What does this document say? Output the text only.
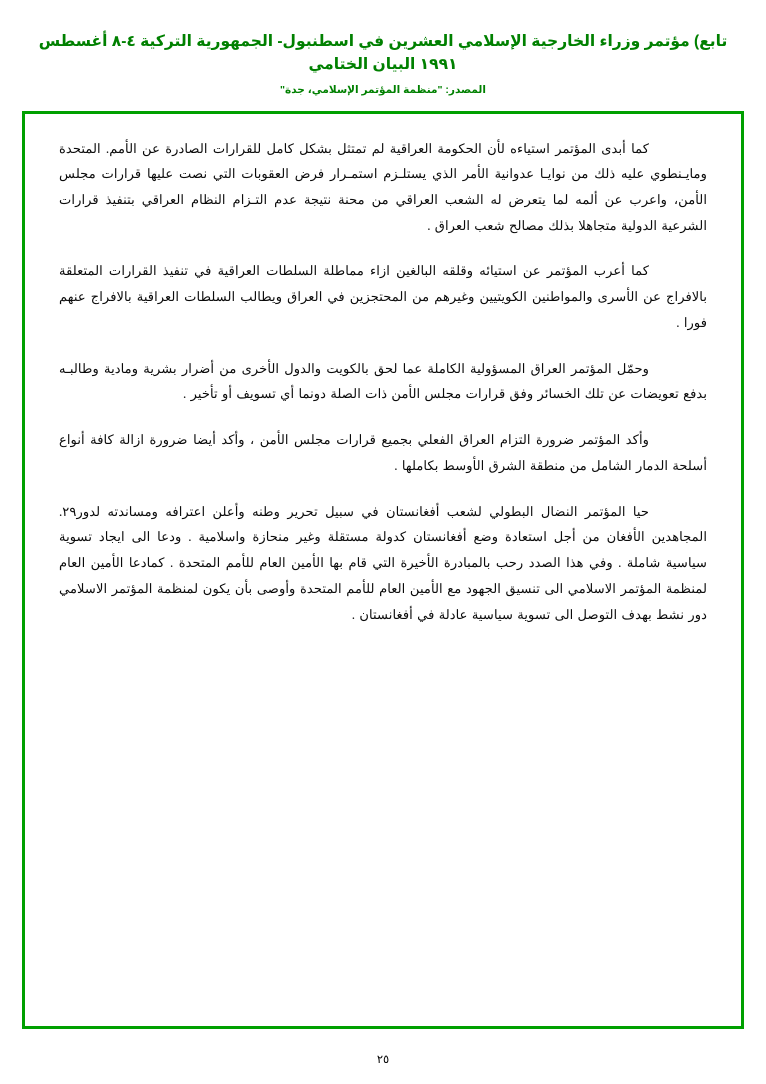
تابع) مؤتمر وزراء الخارجية الإسلامي العشرين في اسطنبول- الجمهورية التركية ٤-٨ أغسطس ١٩٩١ البيان الختامي
المصدر: "منظمة المؤتمر الإسلامي، جدة"

كما أبدى المؤتمر استياءه لأن الحكومة العراقية لم تمتثل بشكل كامل للقرارات الصادرة عن الأمم. المتحدة ومايـنطوي عليه ذلك من نوايـا عدوانية الأمر الذي يستلـزم استمـرار فرض العقوبات التي نصت عليها قرارات مجلس الأمن، واعرب عن ألمه لما يتعرض له الشعب العراقي من محنة نتيجة عدم التـزام النظام العراقي بتنفيذ قرارات الشرعية الدولية متجاهلا بذلك مصالح شعب العراق .

كما أعرب المؤتمر عن استيائه وقلقه البالغين ازاء مماطلة السلطات العراقية في تنفيذ القرارات المتعلقة بالافراج عن الأسرى والمواطنين الكويتيين وغيرهم من المحتجزين في العراق ويطالب السلطات العراقية بالافراج عنهم فورا .

وحمّل المؤتمر العراق المسؤولية الكاملة عما لحق بالكويت والدول الأخرى من أضرار بشرية ومادية وطالبـه بدفع تعويضات عن تلك الخسائر وفق قرارات مجلس الأمن ذات الصلة دونما أي تسويف أو تأخير .

وأكد المؤتمر ضرورة التزام العراق الفعلي بجميع قرارات مجلس الأمن ، وأكد أيضا ضرورة ازالة كافة أنواع أسلحة الدمار الشامل من منطقة الشرق الأوسط بكاملها .

٢٩. حيا المؤتمر النضال البطولي لشعب أفغانستان في سبيل تحرير وطنه وأعلن اعترافه ومساندته لدور المجاهدين الأفغان من أجل استعادة وضع أفغانستان كدولة مستقلة وغير منحازة واسلامية . ودعا الى ايجاد تسوية سياسية شاملة . وفي هذا الصدد رحب بالمبادرة الأخيرة التي قام بها الأمين العام للأمم المتحدة . كمادعا الأمين العام لمنظمة المؤتمر الاسلامي الى تنسيق الجهود مع الأمين العام للأمم المتحدة وأوصى بأن يكون لمنظمة المؤتمر الاسلامي دور نشط بهدف التوصل الى تسوية سياسية عادلة في أفغانستان .

٢٥
